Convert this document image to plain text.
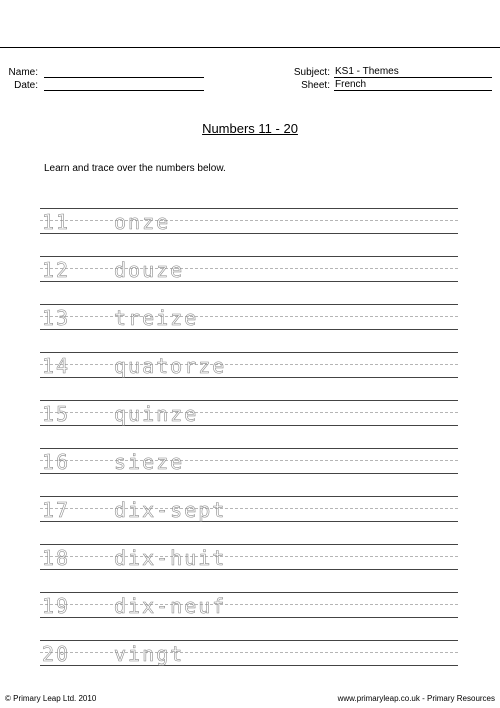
Name:
Date:
Subject: KS1 - Themes
Sheet: French
Numbers 11 - 20
Learn and trace over the numbers below.
11 onze
12 douze
13 treize
14 quatorze
15 quinze
16 sieze
17 dix-sept
18 dix-huit
19 dix-neuf
20 vingt
© Primary Leap Ltd. 2010	www.primaryleap.co.uk - Primary Resources
